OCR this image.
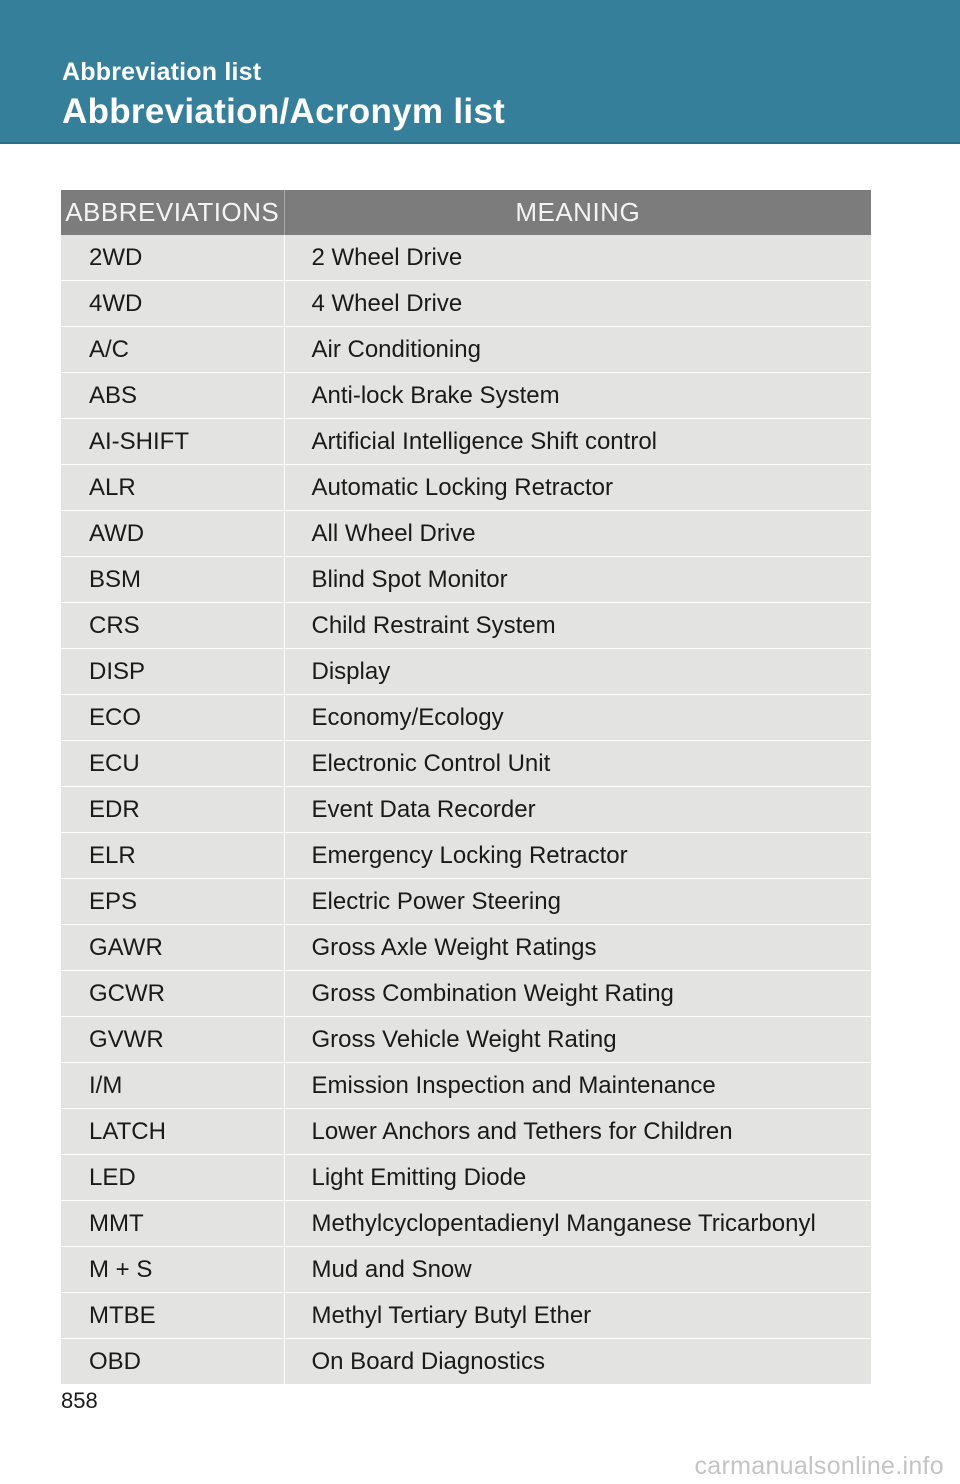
Abbreviation list
Abbreviation/Acronym list
ABBREVIATIONS	MEANING
2WD	2 Wheel Drive
4WD	4 Wheel Drive
A/C	Air Conditioning
ABS	Anti-lock Brake System
AI-SHIFT	Artificial Intelligence Shift control
ALR	Automatic Locking Retractor
AWD	All Wheel Drive
BSM	Blind Spot Monitor
CRS	Child Restraint System
DISP	Display
ECO	Economy/Ecology
ECU	Electronic Control Unit
EDR	Event Data Recorder
ELR	Emergency Locking Retractor
EPS	Electric Power Steering
GAWR	Gross Axle Weight Ratings
GCWR	Gross Combination Weight Rating
GVWR	Gross Vehicle Weight Rating
I/M	Emission Inspection and Maintenance
LATCH	Lower Anchors and Tethers for Children
LED	Light Emitting Diode
MMT	Methylcyclopentadienyl Manganese Tricarbonyl
M + S	Mud and Snow
MTBE	Methyl Tertiary Butyl Ether
OBD	On Board Diagnostics
858
carmanualsonline.info
